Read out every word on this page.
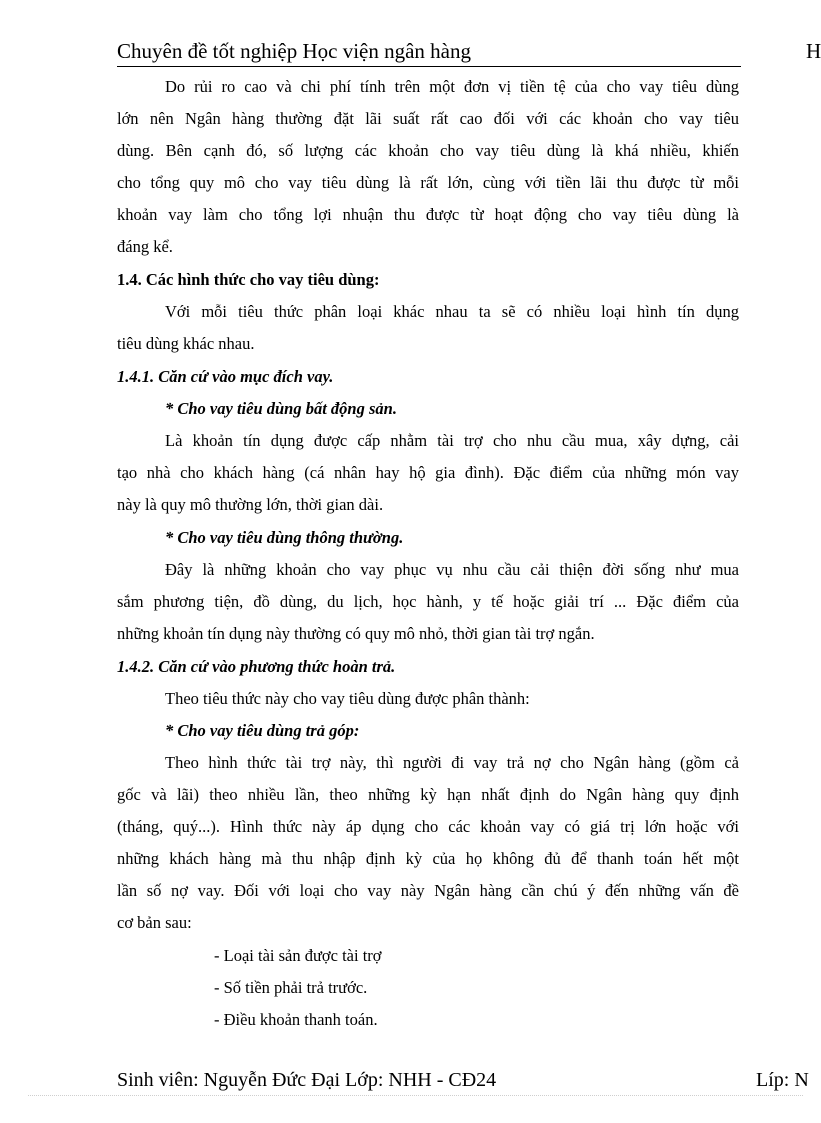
Chuyên đề tốt nghiệp Học viện ngân hàng	H
Do rủi ro cao và chi phí tính trên một đơn vị tiền tệ của cho vay tiêu dùng
lớn nên Ngân hàng thường đặt lãi suất rất cao đối với các khoản cho vay tiêu
dùng. Bên cạnh đó, số lượng các khoản cho vay tiêu dùng là khá nhiều, khiến
cho tổng quy mô cho vay tiêu dùng là rất lớn, cùng với tiền lãi thu được từ mỗi
khoản vay làm cho tổng lợi nhuận thu được từ hoạt động cho vay tiêu dùng là
đáng kể.
1.4. Các hình thức cho vay tiêu dùng:
Với mỗi tiêu thức phân loại khác nhau ta sẽ có nhiều loại hình tín dụng
tiêu dùng khác nhau.
1.4.1. Căn cứ vào mục đích vay.
* Cho vay tiêu dùng bất động sản.
Là khoản tín dụng được cấp nhằm tài trợ cho nhu cầu mua, xây dựng, cải
tạo nhà cho khách hàng (cá nhân hay hộ gia đình). Đặc điểm của những món vay
này là quy mô thường lớn, thời gian dài.
* Cho vay tiêu dùng thông thường.
Đây là những khoản cho vay phục vụ nhu cầu cải thiện đời sống như mua
sắm phương tiện, đồ dùng, du lịch, học hành, y tế hoặc giải trí ... Đặc điểm của
những khoản tín dụng này thường có quy mô nhỏ, thời gian tài trợ ngắn.
1.4.2. Căn cứ vào phương thức hoàn trả.
Theo tiêu thức này cho vay tiêu dùng được phân thành:
* Cho vay tiêu dùng trả góp:
Theo hình thức tài trợ này, thì người đi vay trả nợ cho Ngân hàng (gồm cả
gốc và lãi) theo nhiều lần, theo những kỳ hạn nhất định do Ngân hàng quy định
(tháng, quý...). Hình thức này áp dụng cho các khoản vay có giá trị lớn hoặc với
những khách hàng mà thu nhập định kỳ của họ không đủ để thanh toán hết một
lần số nợ vay. Đối với loại cho vay này Ngân hàng cần chú ý đến những vấn đề
cơ bản sau:
- Loại tài sản được tài trợ
- Số tiền phải trả trước.
- Điều khoản thanh toán.
Sinh viên: Nguyễn Đức Đại Lớp: NHH - CĐ24	Líp: N
